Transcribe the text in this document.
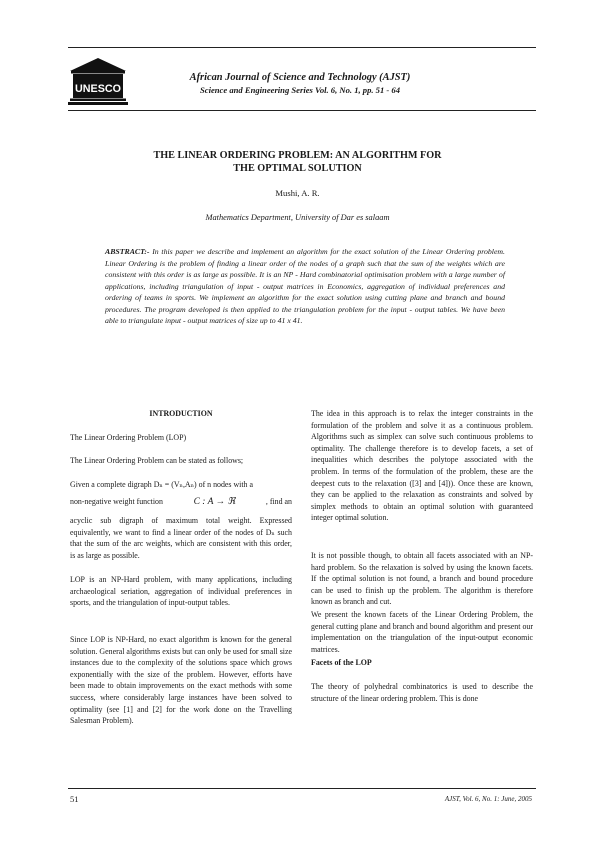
UNESCO
African Journal of Science and Technology (AJST)
Science and Engineering Series Vol. 6, No. 1, pp. 51 - 64
THE LINEAR ORDERING PROBLEM: AN ALGORITHM FOR
THE OPTIMAL SOLUTION
Mushi, A. R.
Mathematics Department, University of Dar es salaam
ABSTRACT:- In this paper we describe and implement an algorithm for the exact solution of the Linear Ordering problem. Linear Ordering is the problem of finding a linear order of the nodes of a graph such that the sum of the weights which are consistent with this order is as large as possible. It is an NP - Hard combinatorial optimisation problem with a large number of applications, including triangulation of input - output matrices in Economics, aggregation of individual preferences and ordering of teams in sports. We implement an algorithm for the exact solution using cutting plane and branch and bound procedures. The program developed is then applied to the triangulation problem for the input - output tables. We have been able to triangulate input - output matrices of size up to 41 x 41.

INTRODUCTION

The Linear Ordering Problem (LOP)

The Linear Ordering Problem can be stated as follows;

Given a complete digraph Dₙ = (Vₙ,Aₙ) of n nodes with a
non-negative weight function	C : A → ℜ	, find an

acyclic sub digraph of maximum total weight. Expressed equivalently, we want to find a linear order of the nodes of Dₙ such that the sum of the arc weights, which are consistent with this order, is as large as possible.

LOP is an NP-Hard problem, with many applications, including archaeological seriation, aggregation of individual preferences in sports, and the triangulation of input-output tables.

Since LOP is NP-Hard, no exact algorithm is known for the general solution. General algorithms exists but can only be used for small size instances due to the complexity of the solutions space which grows exponentially with the size of the problem. However, efforts have been made to obtain improvements on the exact methods with some success, where considerably large instances have been solved to optimality (see [1] and [2] for the work done on the Travelling Salesman Problem).

The idea in this approach is to relax the integer constraints in the formulation of the problem and solve it as a continuous problem. Algorithms such as simplex can solve such continuous problems to optimality. The challenge therefore is to develop facets, a set of inequalities which describes the polytope associated with the problem. In terms of the formulation of the problem, these are the deepest cuts to the relaxation ([3] and [4])). Once these are known, they can be applied to the relaxation as constraints and solved by simplex methods to obtain an optimal solution with guaranteed integer optimal solution.

It is not possible though, to obtain all facets associated with an NP-hard problem. So the relaxation is solved by using the known facets. If the optimal solution is not found, a branch and bound procedure can be used to finish up the problem. The algorithm is therefore known as branch and cut.

We present the known facets of the Linear Ordering Problem, the general cutting plane and branch and bound algorithm and present our implementation on the triangulation of the input-output economic matrices.

Facets of the LOP

The theory of polyhedral combinatorics is used to describe the structure of the linear ordering problem. This is done

51	AJST, Vol. 6, No. 1: June, 2005
